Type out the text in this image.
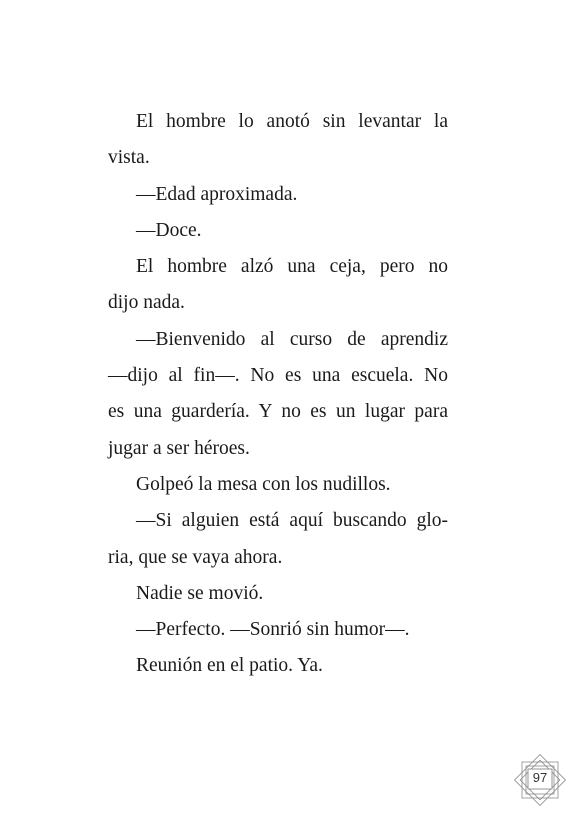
El hombre lo anotó sin levantar la

vista.

—Edad aproximada.

—Doce.

El hombre alzó una ceja, pero no

dijo nada.

—Bienvenido al curso de aprendiz

—dijo al fin—. No es una escuela. No

es una guardería. Y no es un lugar para

jugar a ser héroes.

Golpeó la mesa con los nudillos.

—Si alguien está aquí buscando glo-

ria, que se vaya ahora.

Nadie se movió.

—Perfecto. —Sonrió sin humor—.

Reunión en el patio. Ya.

97
